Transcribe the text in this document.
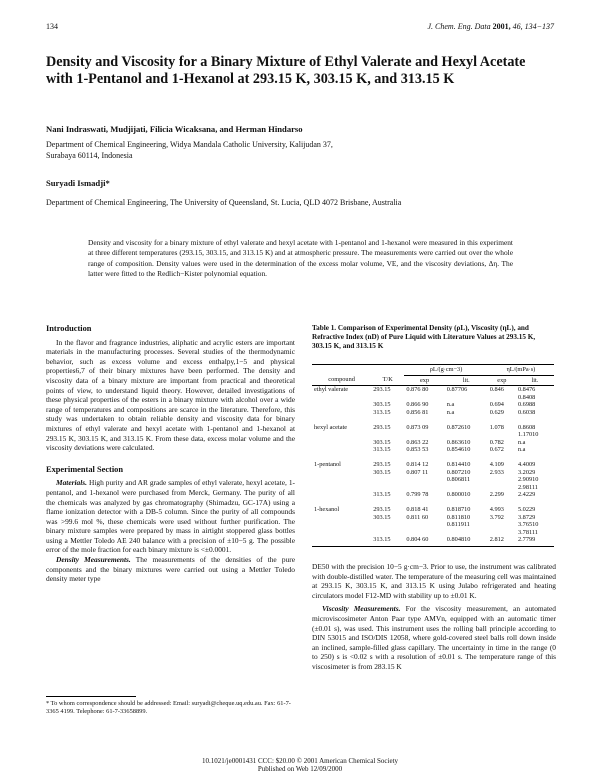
134	J. Chem. Eng. Data 2001, 46, 134−137
Density and Viscosity for a Binary Mixture of Ethyl Valerate and Hexyl Acetate with 1-Pentanol and 1-Hexanol at 293.15 K, 303.15 K, and 313.15 K
Nani Indraswati, Mudjijati, Filicia Wicaksana, and Herman Hindarso
Department of Chemical Engineering, Widya Mandala Catholic University, Kalijudan 37,
Surabaya 60114, Indonesia
Suryadi Ismadji*
Department of Chemical Engineering, The University of Queensland, St. Lucia, QLD 4072 Brisbane, Australia
Density and viscosity for a binary mixture of ethyl valerate and hexyl acetate with 1-pentanol and 1-hexanol were measured in this experiment at three different temperatures (293.15, 303.15, and 313.15 K) and at atmospheric pressure. The measurements were carried out over the whole range of composition. Density values were used in the determination of the excess molar volume, VE, and the viscosity deviations, Δη. The latter were fitted to the Redlich−Kister polynomial equation.
Introduction

In the flavor and fragrance industries, aliphatic and acrylic esters are important materials in the manufacturing processes. Several studies of the thermodynamic behavior, such as excess volume and excess enthalpy,1−5 and physical properties6,7 of their binary mixtures have been performed. The density and viscosity data of a binary mixture are important from practical and theoretical points of view, to understand liquid theory. However, detailed investigations of these physical properties of the esters in a binary mixture with alcohol over a wide range of temperatures and compositions are scarce in the literature. Therefore, this study was undertaken to obtain reliable density and viscosity data for binary mixtures of ethyl valerate and hexyl acetate with 1-pentanol and 1-hexanol at 293.15 K, 303.15 K, and 313.15 K. From these data, excess molar volume and the viscosity deviations were calculated.

Experimental Section

Materials. High purity and AR grade samples of ethyl valerate, hexyl acetate, 1-pentanol, and 1-hexanol were purchased from Merck, Germany. The purity of all the chemicals was analyzed by gas chromatography (Shimadzu, GC-17A) using a flame ionization detector with a DB-5 column. Since the purity of all compounds was >99.6 mol %, these chemicals were used without further purification. The binary mixture samples were prepared by mass in airtight stoppered glass bottles using a Mettler Toledo AE 240 balance with a precision of ±10−5 g. The possible error of the mole fraction for each binary mixture is <±0.0001.

Density Measurements. The measurements of the densities of the pure components and the binary mixtures were carried out using a Mettler Toledo density meter type

* To whom correspondence should be addressed: Email: suryadi@cheque.uq.edu.au. Fax: 61-7-3365 4199. Telephone: 61-7-33658899.
Table 1. Comparison of Experimental Density (ρL), Viscosity (ηL), and Refractive Index (nD) of Pure Liquid with Literature Values at 293.15 K, 303.15 K, and 313.15 K
		ρL/(g·cm−3)		ηL/(mPa·s)	
compound	T/K	exp	lit.	exp	lit.
ethyl valerate	293.15	0.876 80	0.87706	0.846	0.8476
					0.8408
	303.15	0.866 90	n.a	0.694	0.6988
	313.15	0.856 81	n.a	0.629	0.6038
hexyl acetate	293.15	0.873 09	0.872610	1.078	0.8608
					1.17010
	303.15	0.863 22	0.863610	0.782	n.a
	313.15	0.853 53	0.854610	0.672	n.a
1-pentanol	293.15	0.814 12	0.814410	4.109	4.4009
	303.15	0.807 11	0.807210	2.933	3.2029
			0.806811		2.90910
					2.98111
	313.15	0.799 78	0.800010	2.299	2.4229
1-hexanol	293.15	0.818 41	0.818710	4.993	5.0229
	303.15	0.811 60	0.811810	3.792	3.8729
			0.811911		3.76510
					3.78111
	313.15	0.804 60	0.804810	2.812	2.7799

DE50 with the precision 10−5 g·cm−3. Prior to use, the instrument was calibrated with double-distilled water. The temperature of the measuring cell was maintained at 293.15 K, 303.15 K, and 313.15 K using Julabo refrigerated and heating circulators model F12-MD with stability up to ±0.01 K.

Viscosity Measurements. For the viscosity measurement, an automated microviscosimeter Anton Paar type AMVn, equipped with an automatic timer (±0.01 s), was used. This instrument uses the rolling ball principle according to DIN 53015 and ISO/DIS 12058, where gold-covered steel balls roll down inside an inclined, sample-filled glass capillary. The uncertainty in time in the range (0 to 250) s is <0.02 s with a resolution of ±0.01 s. The temperature range of this viscosimeter is from 283.15 K

10.1021/je0001431 CCC: $20.00 © 2001 American Chemical Society
Published on Web 12/09/2000
